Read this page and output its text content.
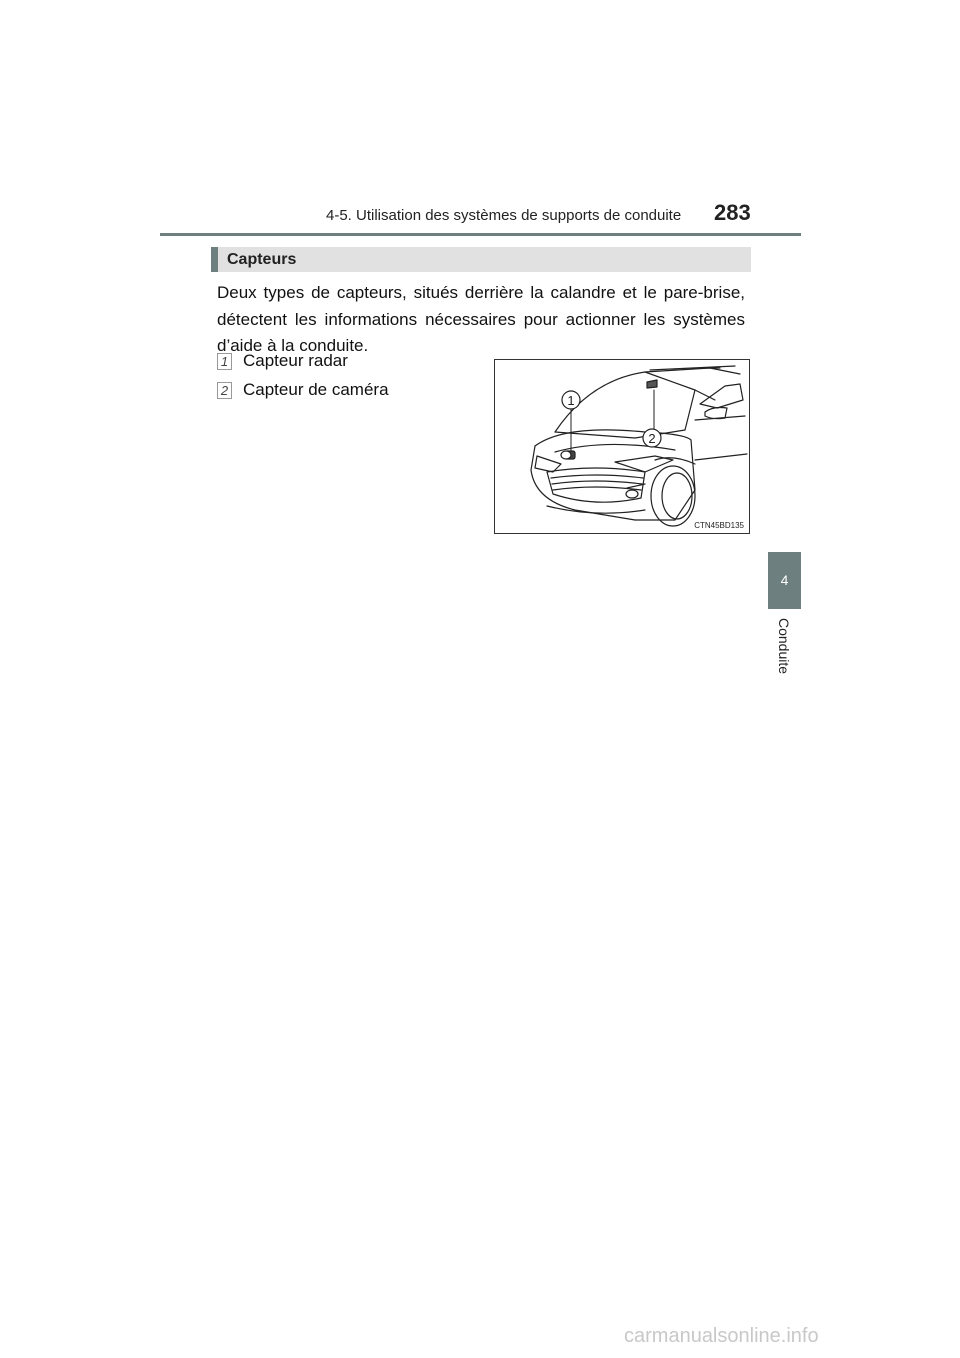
4-5. Utilisation des systèmes de supports de conduite 283
4
Conduite
Capteurs
Deux types de capteurs, situés derrière la calandre et le pare-brise, détectent les informations nécessaires pour actionner les systèmes d’aide à la conduite.
1 Capteur radar
2 Capteur de caméra
1
2
CTN45BD135
carmanualsonline.info
